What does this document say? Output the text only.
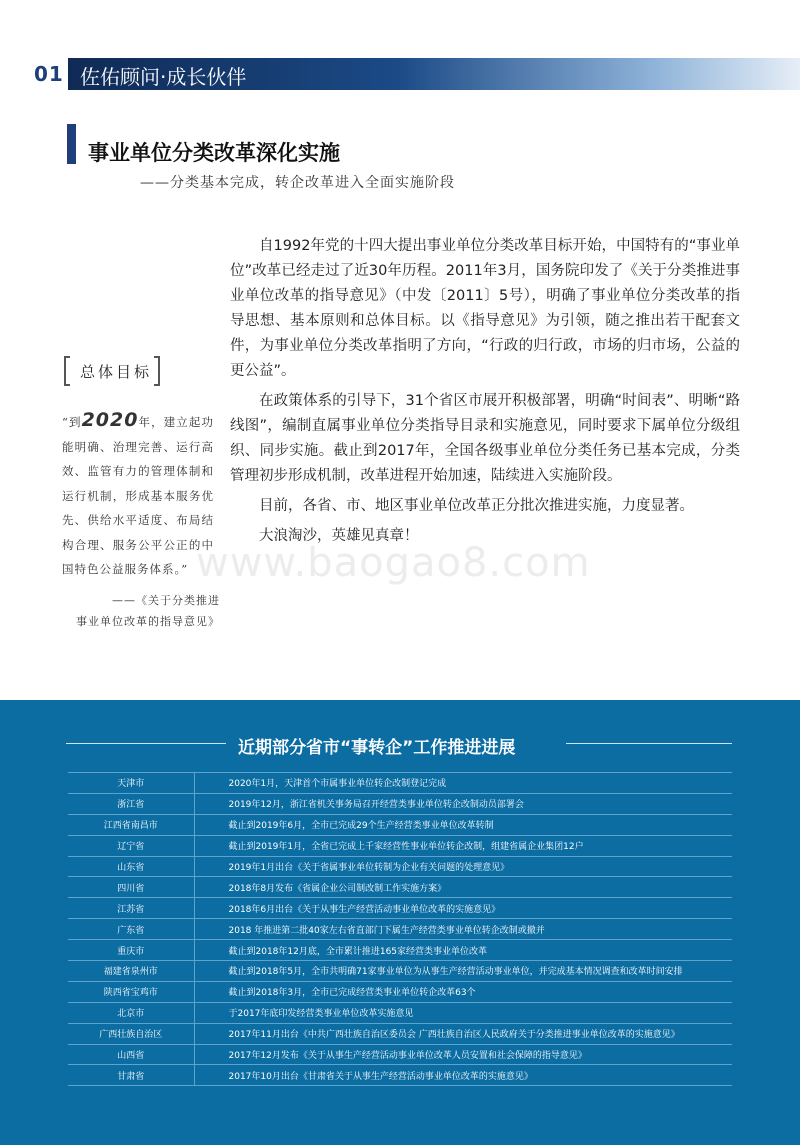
01 佐佑顾问·成长伙伴
事业单位分类改革深化实施
——分类基本完成，转企改革进入全面实施阶段
总体目标
“到2020年，建立起功能明确、治理完善、运行高效、监管有力的管理体制和运行机制，形成基本服务优先、供给水平适度、布局结构合理、服务公平公正的中国特色公益服务体系。”
——《关于分类推进
事业单位改革的指导意见》

自1992年党的十四大提出事业单位分类改革目标开始，中国特有的“事业单位”改革已经走过了近30年历程。2011年3月，国务院印发了《关于分类推进事业单位改革的指导意见》（中发〔2011〕5号），明确了事业单位分类改革的指导思想、基本原则和总体目标。以《指导意见》为引领，随之推出若干配套文件，为事业单位分类改革指明了方向，“行政的归行政，市场的归市场，公益的更公益”。

在政策体系的引导下，31个省区市展开积极部署，明确“时间表”、明晰“路线图”，编制直属事业单位分类指导目录和实施意见，同时要求下属单位分级组织、同步实施。截止到2017年，全国各级事业单位分类任务已基本完成，分类管理初步形成机制，改革进程开始加速，陆续进入实施阶段。

目前，各省、市、地区事业单位改革正分批次推进实施，力度显著。

大浪淘沙，英雄见真章！

www.baogao8.com
近期部分省市“事转企”工作推进进展
天津市	2020年1月，天津首个市属事业单位转企改制登记完成
浙江省	2019年12月，浙江省机关事务局召开经营类事业单位转企改制动员部署会
江西省南昌市	截止到2019年6月，全市已完成29个生产经营类事业单位改革转制
辽宁省	截止到2019年1月，全省已完成上千家经营性事业单位转企改制，组建省属企业集团12户
山东省	2019年1月出台《关于省属事业单位转制为企业有关问题的处理意见》
四川省	2018年8月发布《省属企业公司制改制工作实施方案》
江苏省	2018年6月出台《关于从事生产经营活动事业单位改革的实施意见》
广东省	2018 年推进第二批40家左右省直部门下属生产经营类事业单位转企改制或撤并
重庆市	截止到2018年12月底，全市累计推进165家经营类事业单位改革
福建省泉州市	截止到2018年5月，全市共明确71家事业单位为从事生产经营活动事业单位，并完成基本情况调查和改革时间安排
陕西省宝鸡市	截止到2018年3月，全市已完成经营类事业单位转企改革63个
北京市	于2017年底印发经营类事业单位改革实施意见
广西壮族自治区	2017年11月出台《中共广西壮族自治区委员会 广西壮族自治区人民政府关于分类推进事业单位改革的实施意见》
山西省	2017年12月发布《关于从事生产经营活动事业单位改革人员安置和社会保障的指导意见》
甘肃省	2017年10月出台《甘肃省关于从事生产经营活动事业单位改革的实施意见》
